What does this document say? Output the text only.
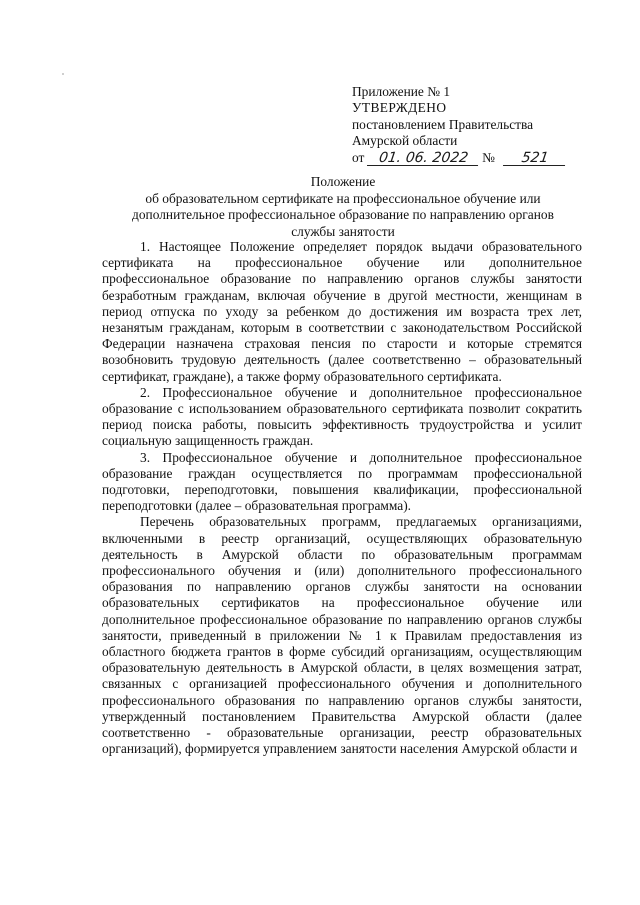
Приложение № 1
УТВЕРЖДЕНО
постановлением Правительства
Амурской области
от 01. 06. 2022 № 521
Положение
об образовательном сертификате на профессиональное обучение или
дополнительное профессиональное образование по направлению органов
службы занятости

1. Настоящее Положение определяет порядок выдачи образовательного сертификата на профессиональное обучение или дополнительное профессиональное образование по направлению органов службы занятости безработным гражданам, включая обучение в другой местности, женщинам в период отпуска по уходу за ребенком до достижения им возраста трех лет, незанятым гражданам, которым в соответствии с законодательством Российской Федерации назначена страховая пенсия по старости и которые стремятся возобновить трудовую деятельность (далее соответственно – образовательный сертификат, граждане), а также форму образовательного сертификата.

2. Профессиональное обучение и дополнительное профессиональное образование с использованием образовательного сертификата позволит сократить период поиска работы, повысить эффективность трудоустройства и усилит социальную защищенность граждан.

3. Профессиональное обучение и дополнительное профессиональное образование граждан осуществляется по программам профессиональной подготовки, переподготовки, повышения квалификации, профессиональной переподготовки (далее – образовательная программа).

Перечень образовательных программ, предлагаемых организациями, включенными в реестр организаций, осуществляющих образовательную деятельность в Амурской области по образовательным программам профессионального обучения и (или) дополнительного профессионального образования по направлению органов службы занятости на основании образовательных сертификатов на профессиональное обучение или дополнительное профессиональное образование по направлению органов службы занятости, приведенный в приложении № 1 к Правилам предоставления из областного бюджета грантов в форме субсидий организациям, осуществляющим образовательную деятельность в Амурской области, в целях возмещения затрат, связанных с организацией профессионального обучения и дополнительного профессионального образования по направлению органов службы занятости, утвержденный постановлением Правительства Амурской области (далее соответственно - образовательные организации, реестр образовательных организаций), формируется управлением занятости населения Амурской области и
